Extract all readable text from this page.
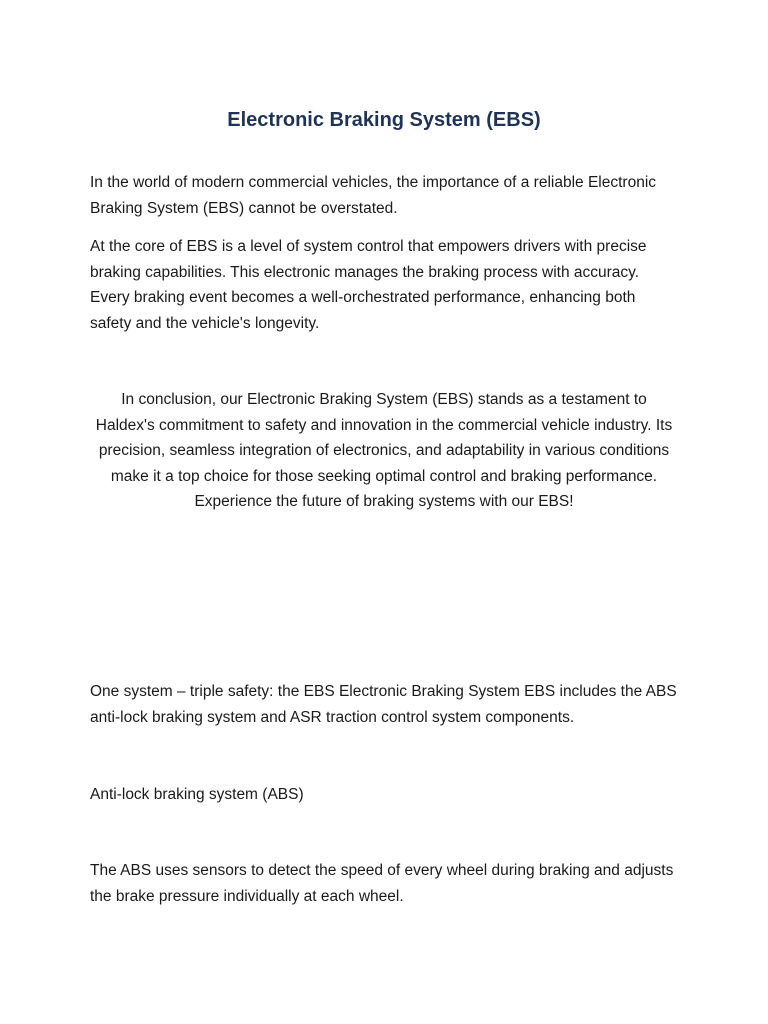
Electronic Braking System (EBS)

In the world of modern commercial vehicles, the importance of a reliable Electronic Braking System (EBS) cannot be overstated.

At the core of EBS is a level of system control that empowers drivers with precise braking capabilities. This electronic manages the braking process with accuracy. Every braking event becomes a well-orchestrated performance, enhancing both safety and the vehicle's longevity.

In conclusion, our Electronic Braking System (EBS) stands as a testament to Haldex's commitment to safety and innovation in the commercial vehicle industry. Its precision, seamless integration of electronics, and adaptability in various conditions make it a top choice for those seeking optimal control and braking performance. Experience the future of braking systems with our EBS!

One system – triple safety: the EBS Electronic Braking System EBS includes the ABS anti-lock braking system and ASR traction control system components.

Anti-lock braking system (ABS)

The ABS uses sensors to detect the speed of every wheel during braking and adjusts the brake pressure individually at each wheel.
